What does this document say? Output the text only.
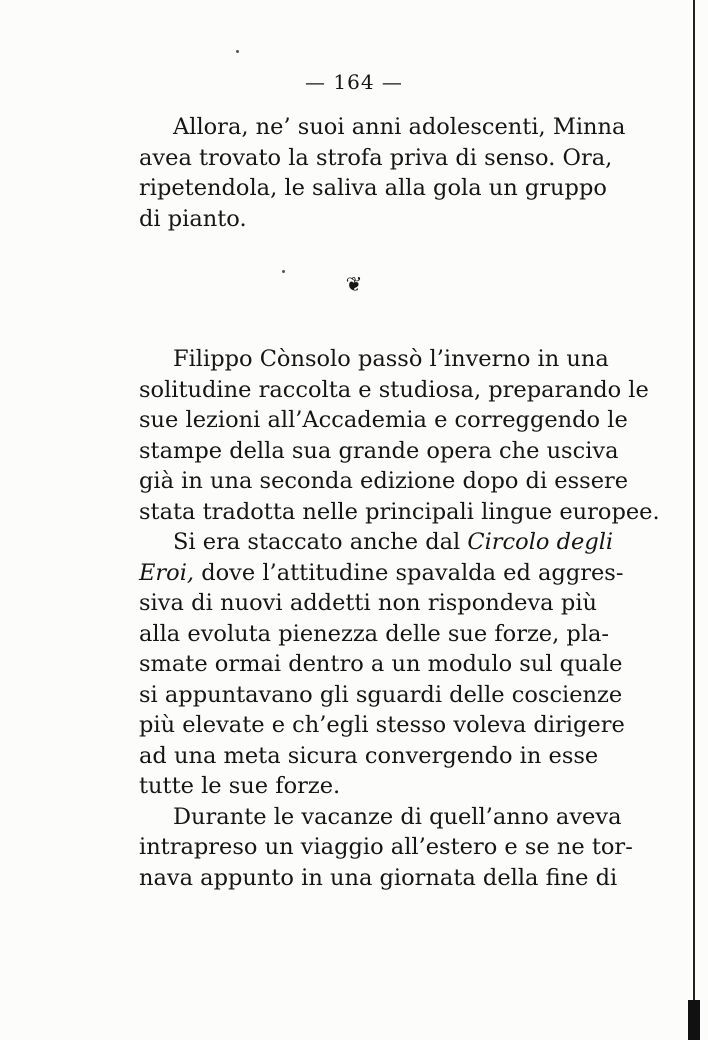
— 164 —
Allora, ne’ suoi anni adolescenti, Minna
avea trovato la strofa priva di senso. Ora,
ripetendola, le saliva alla gola un gruppo
di pianto.
❦
Filippo Cònsolo passò l’inverno in una
solitudine raccolta e studiosa, preparando le
sue lezioni all’Accademia e correggendo le
stampe della sua grande opera che usciva
già in una seconda edizione dopo di essere
stata tradotta nelle principali lingue europee.
Si era staccato anche dal Circolo degli
Eroi, dove l’attitudine spavalda ed aggres-
siva di nuovi addetti non rispondeva più
alla evoluta pienezza delle sue forze, pla-
smate ormai dentro a un modulo sul quale
si appuntavano gli sguardi delle coscienze
più elevate e ch’egli stesso voleva dirigere
ad una meta sicura convergendo in esse
tutte le sue forze.
Durante le vacanze di quell’anno aveva
intrapreso un viaggio all’estero e se ne tor-
nava appunto in una giornata della fine di
